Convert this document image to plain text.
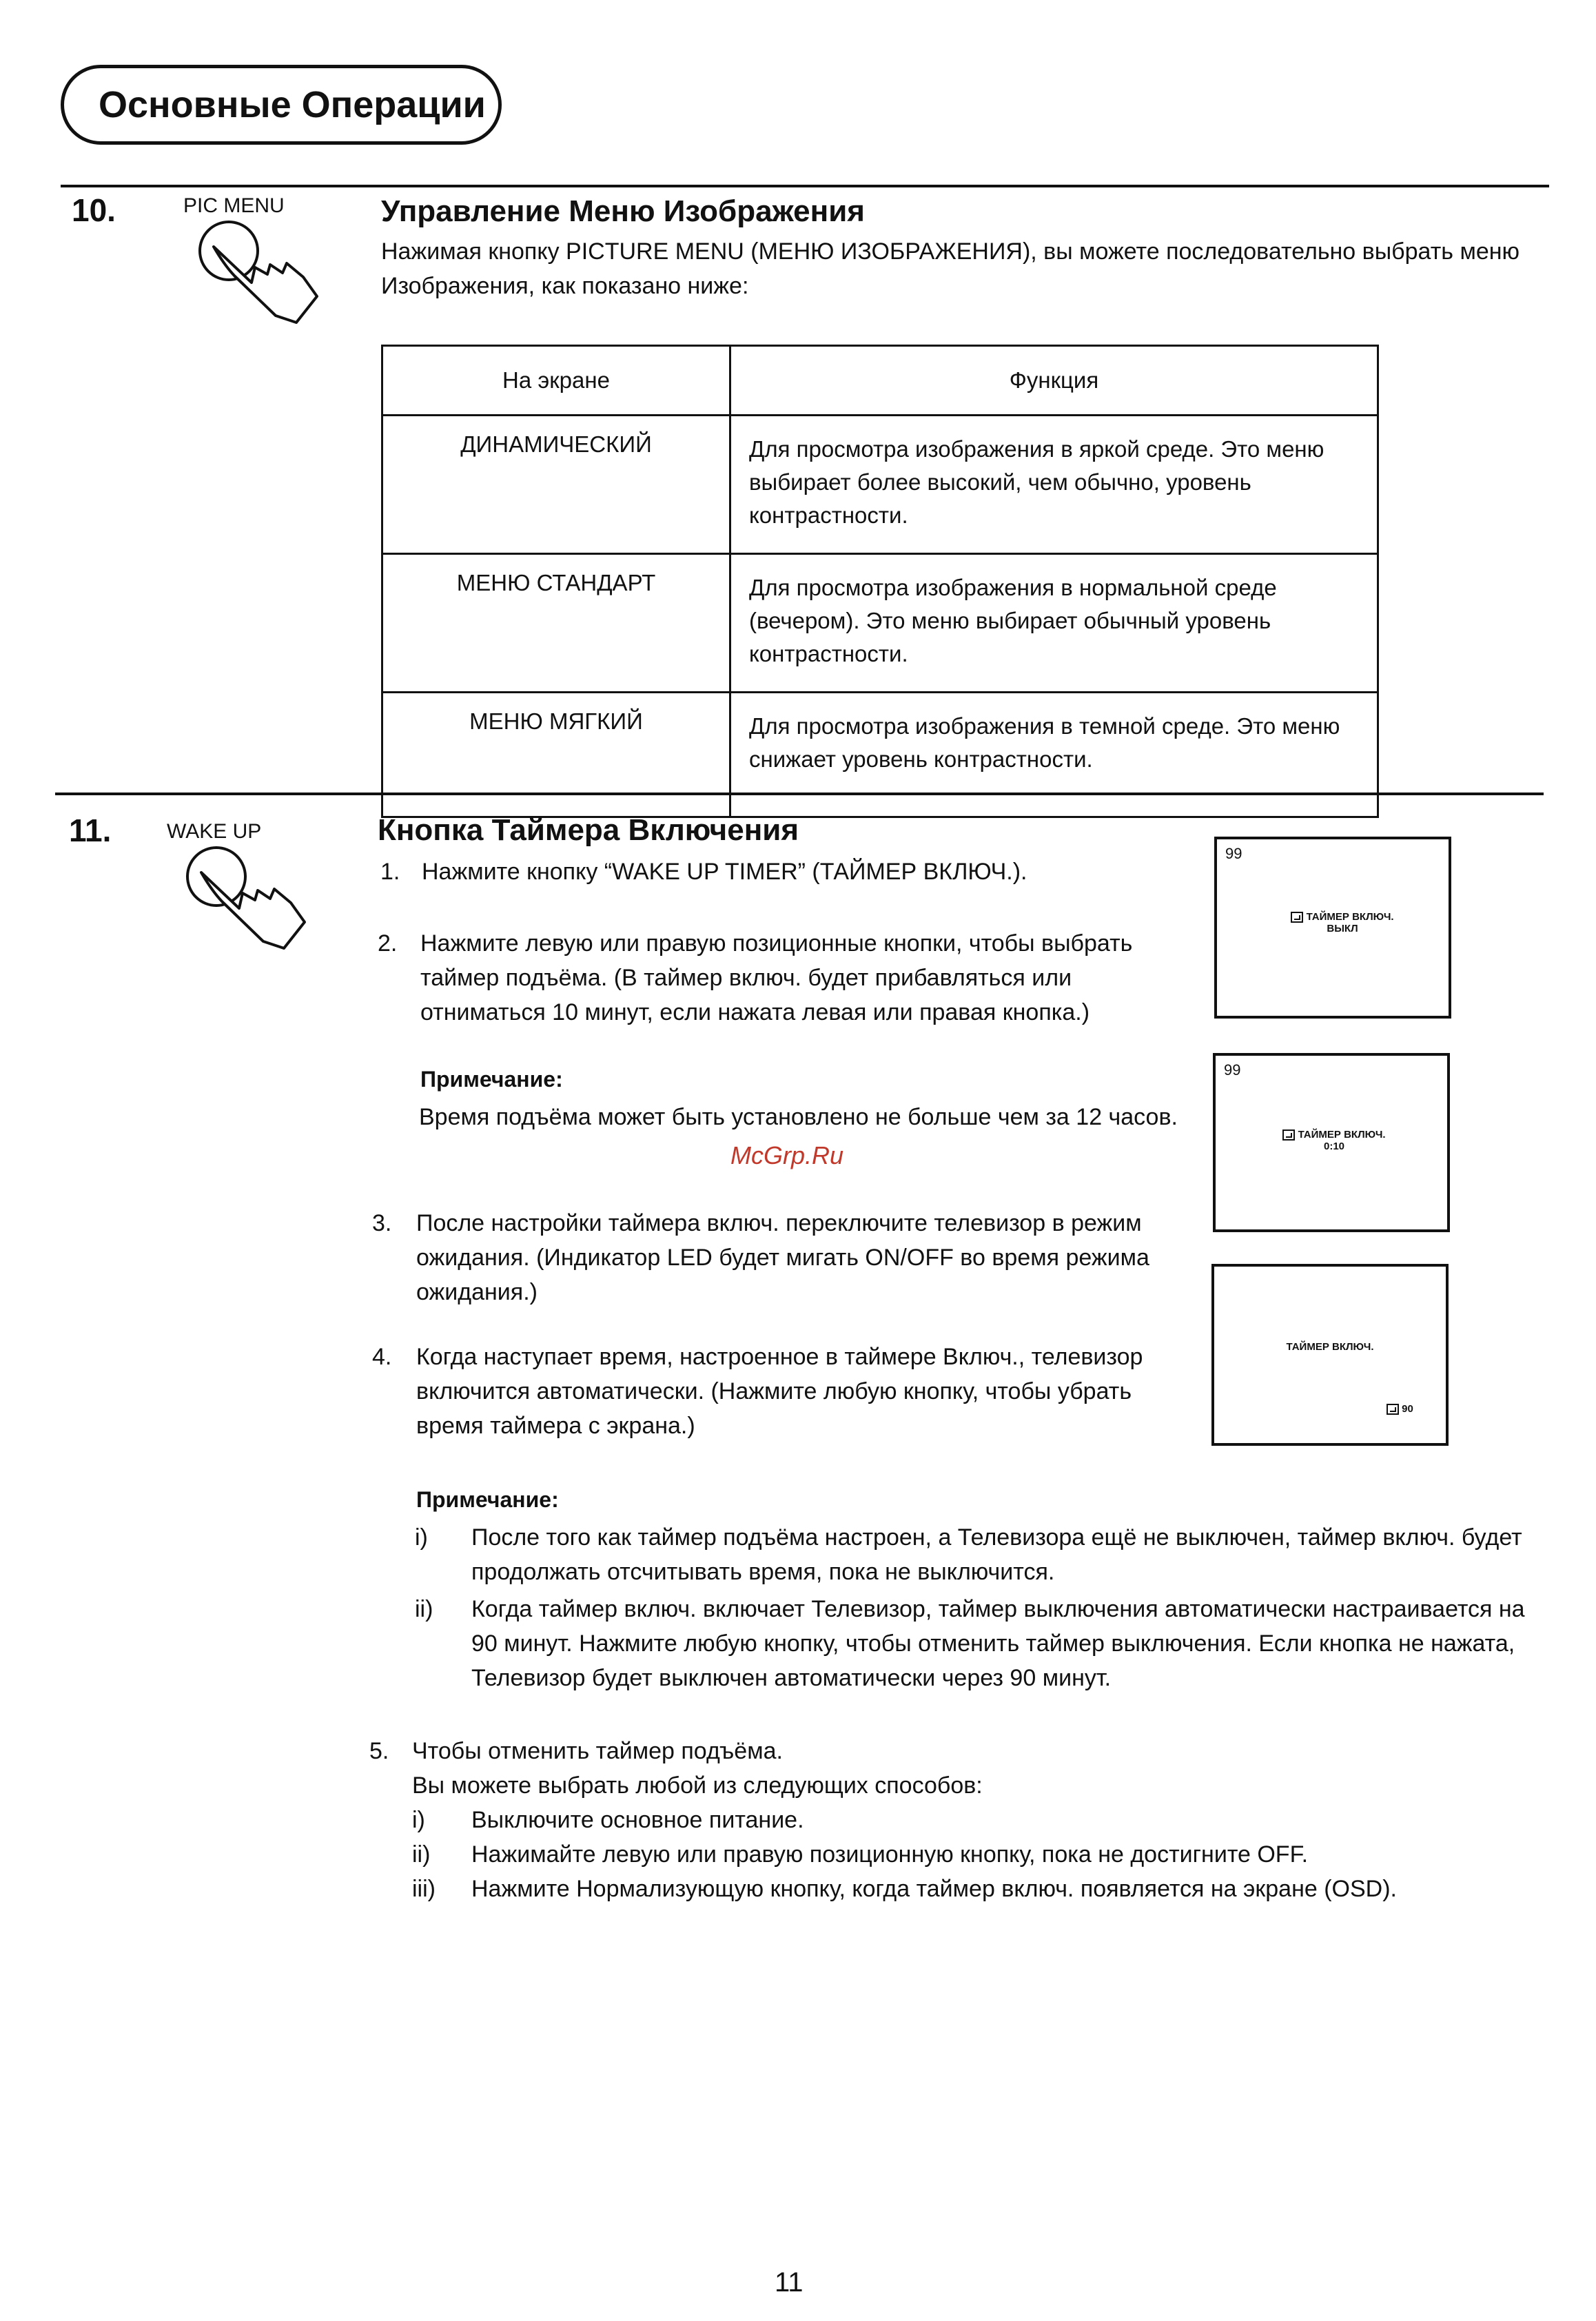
Основные Операции
10.	PIC MENU	Управление Меню Изображения
Нажимая кнопку PICTURE MENU (МЕНЮ ИЗОБРАЖЕНИЯ), вы можете последовательно выбрать меню Изображения, как показано ниже:
На экране	Функция
ДИНАМИЧЕСКИЙ	Для просмотра изображения в яркой среде. Это меню выбирает более высокий, чем обычно, уровень контрастности.
МЕНЮ СТАНДАРТ	Для просмотра изображения в нормальной среде (вечером). Это меню выбирает обычный уровень контрастности.
МЕНЮ МЯГКИЙ	Для просмотра изображения в темной среде. Это меню снижает уровень контрастности.
11.	WAKE UP	Кнопка Таймера Включения
1. Нажмите кнопку “WAKE UP TIMER” (ТАЙМЕР ВКЛЮЧ.).
2. Нажмите левую или правую позиционные кнопки, чтобы выбрать таймер подъёма. (В таймер включ. будет прибавляться или отниматься 10 минут, если нажата левая или правая кнопка.)
Примечание:
Время подъёма может быть установлено не больше чем за 12 часов.
McGrp.Ru
3. После настройки таймера включ. переключите телевизор в режим ожидания. (Индикатор LED будет мигать ON/OFF во время режима ожидания.)
4. Когда наступает время, настроенное в таймере Включ., телевизор включится автоматически. (Нажмите любую кнопку, чтобы убрать время таймера с экрана.)
Примечание:
i) После того как таймер подъёма настроен, а Телевизора ещё не выключен, таймер включ. будет продолжать отсчитывать время, пока не выключится.
ii) Когда таймер включ. включает Телевизор, таймер выключения автоматически настраивается на 90 минут. Нажмите любую кнопку, чтобы отменить таймер выключения. Если кнопка не нажата, Телевизор будет выключен автоматически через 90 минут.
5. Чтобы отменить таймер подъёма.
Вы можете выбрать любой из следующих способов:
i) Выключите основное питание.
ii) Нажимайте левую или правую позиционную кнопку, пока не достигните OFF.
iii) Нажмите Нормализующую кнопку, когда таймер включ. появляется на экране (OSD).
99
ТАЙМЕР ВКЛЮЧ.
ВЫКЛ
99
ТАЙМЕР ВКЛЮЧ.
0:10
ТАЙМЕР ВКЛЮЧ.
90
11
